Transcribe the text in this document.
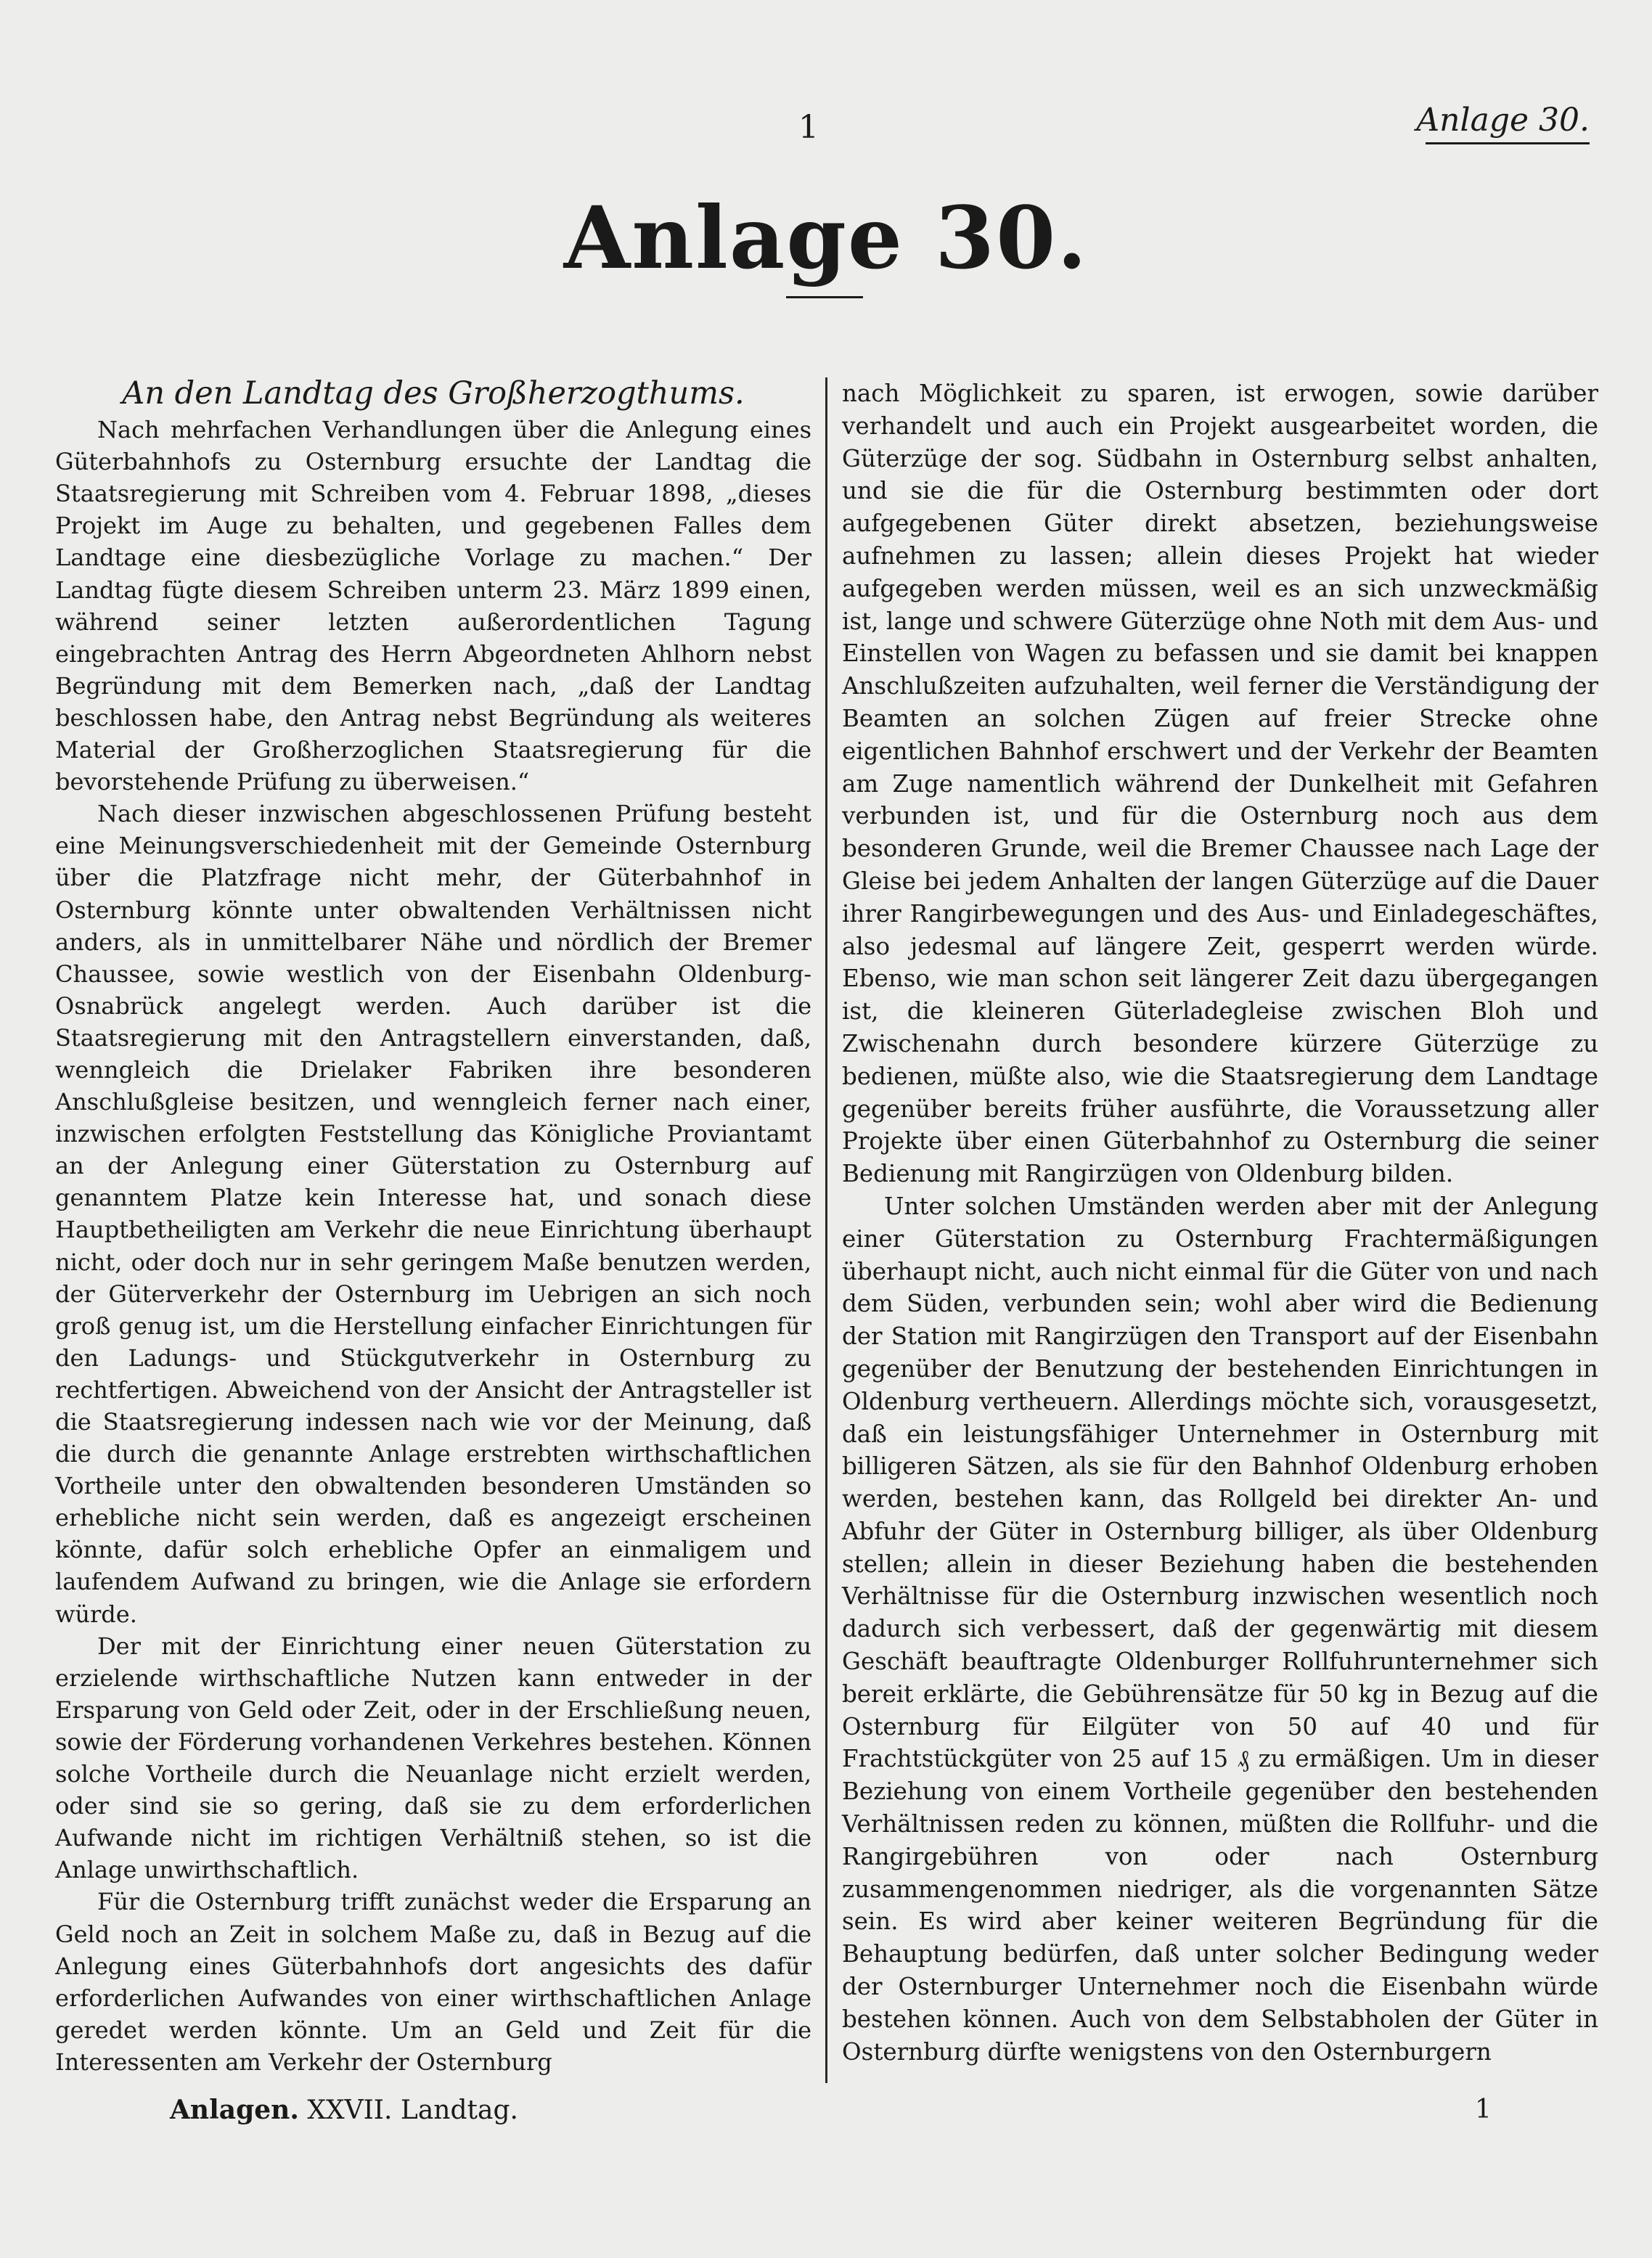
1	Anlage 30.
Anlage 30.
An den Landtag des Großherzogthums.

Nach mehrfachen Verhandlungen über die Anlegung eines Güterbahnhofs zu Osternburg ersuchte der Landtag die Staatsregierung mit Schreiben vom 4. Februar 1898, „dieses Projekt im Auge zu behalten, und gegebenen Falles dem Landtage eine diesbezügliche Vorlage zu machen.“ Der Landtag fügte diesem Schreiben unterm 23. März 1899 einen, während seiner letzten außerordentlichen Tagung eingebrachten Antrag des Herrn Abgeordneten Ahlhorn nebst Begründung mit dem Bemerken nach, „daß der Landtag beschlossen habe, den Antrag nebst Begründung als weiteres Material der Großherzoglichen Staatsregierung für die bevorstehende Prüfung zu überweisen.“

Nach dieser inzwischen abgeschlossenen Prüfung besteht eine Meinungsverschiedenheit mit der Gemeinde Osternburg über die Platzfrage nicht mehr, der Güterbahnhof in Osternburg könnte unter obwaltenden Verhältnissen nicht anders, als in unmittelbarer Nähe und nördlich der Bremer Chaussee, sowie westlich von der Eisenbahn Oldenburg-Osnabrück angelegt werden. Auch darüber ist die Staatsregierung mit den Antragstellern einverstanden, daß, wenngleich die Drielaker Fabriken ihre besonderen Anschlußgleise besitzen, und wenngleich ferner nach einer, inzwischen erfolgten Feststellung das Königliche Proviantamt an der Anlegung einer Güterstation zu Osternburg auf genanntem Platze kein Interesse hat, und sonach diese Hauptbetheiligten am Verkehr die neue Einrichtung überhaupt nicht, oder doch nur in sehr geringem Maße benutzen werden, der Güterverkehr der Osternburg im Uebrigen an sich noch groß genug ist, um die Herstellung einfacher Einrichtungen für den Ladungs- und Stückgutverkehr in Osternburg zu rechtfertigen. Abweichend von der Ansicht der Antragsteller ist die Staatsregierung indessen nach wie vor der Meinung, daß die durch die genannte Anlage erstrebten wirthschaftlichen Vortheile unter den obwaltenden besonderen Umständen so erhebliche nicht sein werden, daß es angezeigt erscheinen könnte, dafür solch erhebliche Opfer an einmaligem und laufendem Aufwand zu bringen, wie die Anlage sie erfordern würde.

Der mit der Einrichtung einer neuen Güterstation zu erzielende wirthschaftliche Nutzen kann entweder in der Ersparung von Geld oder Zeit, oder in der Erschließung neuen, sowie der Förderung vorhandenen Verkehres bestehen. Können solche Vortheile durch die Neuanlage nicht erzielt werden, oder sind sie so gering, daß sie zu dem erforderlichen Aufwande nicht im richtigen Verhältniß stehen, so ist die Anlage unwirthschaftlich.

Für die Osternburg trifft zunächst weder die Ersparung an Geld noch an Zeit in solchem Maße zu, daß in Bezug auf die Anlegung eines Güterbahnhofs dort angesichts des dafür erforderlichen Aufwandes von einer wirthschaftlichen Anlage geredet werden könnte. Um an Geld und Zeit für die Interessenten am Verkehr der Osternburg

nach Möglichkeit zu sparen, ist erwogen, sowie darüber verhandelt und auch ein Projekt ausgearbeitet worden, die Güterzüge der sog. Südbahn in Osternburg selbst anhalten, und sie die für die Osternburg bestimmten oder dort aufgegebenen Güter direkt absetzen, beziehungsweise aufnehmen zu lassen; allein dieses Projekt hat wieder aufgegeben werden müssen, weil es an sich unzweckmäßig ist, lange und schwere Güterzüge ohne Noth mit dem Aus- und Einstellen von Wagen zu befassen und sie damit bei knappen Anschlußzeiten aufzuhalten, weil ferner die Verständigung der Beamten an solchen Zügen auf freier Strecke ohne eigentlichen Bahnhof erschwert und der Verkehr der Beamten am Zuge namentlich während der Dunkelheit mit Gefahren verbunden ist, und für die Osternburg noch aus dem besonderen Grunde, weil die Bremer Chaussee nach Lage der Gleise bei jedem Anhalten der langen Güterzüge auf die Dauer ihrer Rangirbewegungen und des Aus- und Einladegeschäftes, also jedesmal auf längere Zeit, gesperrt werden würde. Ebenso, wie man schon seit längerer Zeit dazu übergegangen ist, die kleineren Güterladegleise zwischen Bloh und Zwischenahn durch besondere kürzere Güterzüge zu bedienen, müßte also, wie die Staatsregierung dem Landtage gegenüber bereits früher ausführte, die Voraussetzung aller Projekte über einen Güterbahnhof zu Osternburg die seiner Bedienung mit Rangirzügen von Oldenburg bilden.

Unter solchen Umständen werden aber mit der Anlegung einer Güterstation zu Osternburg Frachtermäßigungen überhaupt nicht, auch nicht einmal für die Güter von und nach dem Süden, verbunden sein; wohl aber wird die Bedienung der Station mit Rangirzügen den Transport auf der Eisenbahn gegenüber der Benutzung der bestehenden Einrichtungen in Oldenburg vertheuern. Allerdings möchte sich, vorausgesetzt, daß ein leistungsfähiger Unternehmer in Osternburg mit billigeren Sätzen, als sie für den Bahnhof Oldenburg erhoben werden, bestehen kann, das Rollgeld bei direkter An- und Abfuhr der Güter in Osternburg billiger, als über Oldenburg stellen; allein in dieser Beziehung haben die bestehenden Verhältnisse für die Osternburg inzwischen wesentlich noch dadurch sich verbessert, daß der gegenwärtig mit diesem Geschäft beauftragte Oldenburger Rollfuhrunternehmer sich bereit erklärte, die Gebührensätze für 50 kg in Bezug auf die Osternburg für Eilgüter von 50 auf 40 und für Frachtstückgüter von 25 auf 15 ₰ zu ermäßigen. Um in dieser Beziehung von einem Vortheile gegenüber den bestehenden Verhältnissen reden zu können, müßten die Rollfuhr- und die Rangirgebühren von oder nach Osternburg zusammengenommen niedriger, als die vorgenannten Sätze sein. Es wird aber keiner weiteren Begründung für die Behauptung bedürfen, daß unter solcher Bedingung weder der Osternburger Unternehmer noch die Eisenbahn würde bestehen können. Auch von dem Selbstabholen der Güter in Osternburg dürfte wenigstens von den Osternburgern

Anlagen. XXVII. Landtag.	1
